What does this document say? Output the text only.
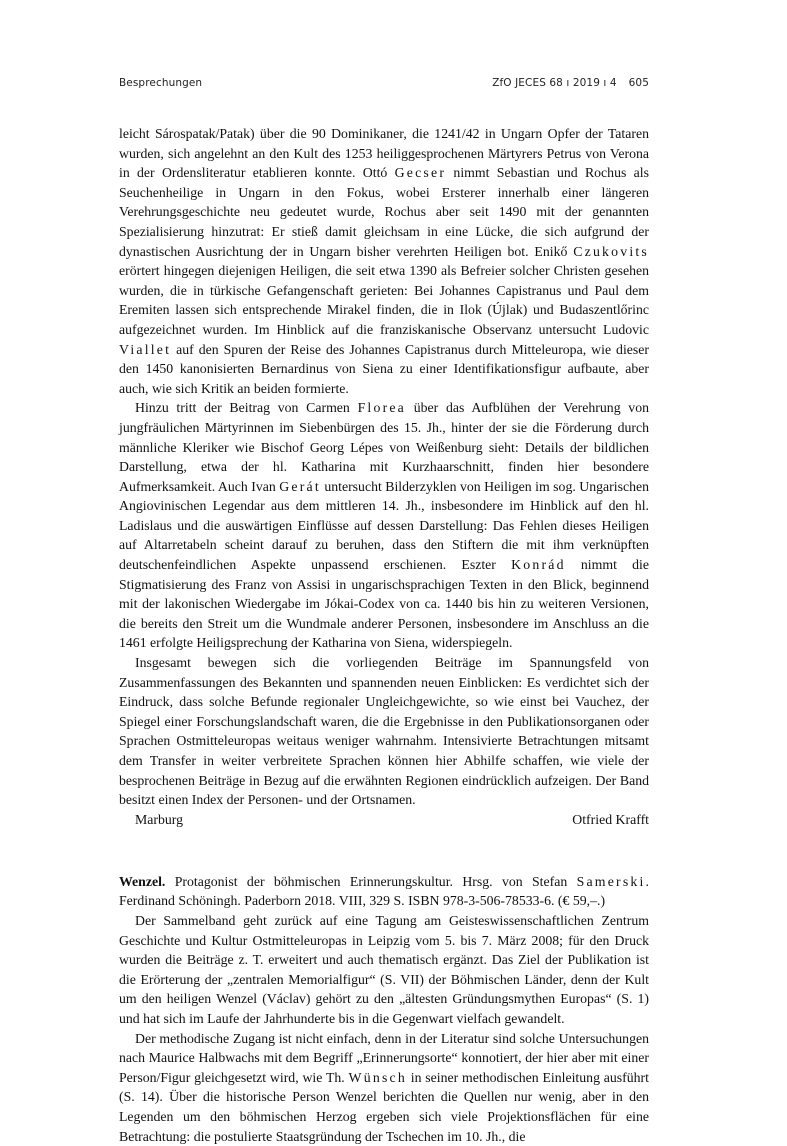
Besprechungen	ZfO JECES 68 ı 2019 ı 4 605

leicht Sárospatak/Patak) über die 90 Dominikaner, die 1241/42 in Ungarn Opfer der Tataren wurden, sich angelehnt an den Kult des 1253 heiliggesprochenen Märtyrers Petrus von Verona in der Ordensliteratur etablieren konnte. Ottó Gecser nimmt Sebastian und Rochus als Seuchenheilige in Ungarn in den Fokus, wobei Ersterer innerhalb einer längeren Verehrungsgeschichte neu gedeutet wurde, Rochus aber seit 1490 mit der genannten Spezialisierung hinzutrat: Er stieß damit gleichsam in eine Lücke, die sich aufgrund der dynastischen Ausrichtung der in Ungarn bisher verehrten Heiligen bot. Enikő Czukovits erörtert hingegen diejenigen Heiligen, die seit etwa 1390 als Befreier solcher Christen gesehen wurden, die in türkische Gefangenschaft gerieten: Bei Johannes Capistranus und Paul dem Eremiten lassen sich entsprechende Mirakel finden, die in Ilok (Újlak) und Budaszentlőrinc aufgezeichnet wurden. Im Hinblick auf die franziskanische Observanz untersucht Ludovic Viallet auf den Spuren der Reise des Johannes Capistranus durch Mitteleuropa, wie dieser den 1450 kanonisierten Bernardinus von Siena zu einer Identifikationsfigur aufbaute, aber auch, wie sich Kritik an beiden formierte.

Hinzu tritt der Beitrag von Carmen Florea über das Aufblühen der Verehrung von jungfräulichen Märtyrinnen im Siebenbürgen des 15. Jh., hinter der sie die Förderung durch männliche Kleriker wie Bischof Georg Lépes von Weißenburg sieht: Details der bildlichen Darstellung, etwa der hl. Katharina mit Kurzhaarschnitt, finden hier besondere Aufmerksamkeit. Auch Ivan Gerát untersucht Bilderzyklen von Heiligen im sog. Ungarischen Angiovinischen Legendar aus dem mittleren 14. Jh., insbesondere im Hinblick auf den hl. Ladislaus und die auswärtigen Einflüsse auf dessen Darstellung: Das Fehlen dieses Heiligen auf Altarretabeln scheint darauf zu beruhen, dass den Stiftern die mit ihm verknüpften deutschenfeindlichen Aspekte unpassend erschienen. Eszter Konrád nimmt die Stigmatisierung des Franz von Assisi in ungarischsprachigen Texten in den Blick, beginnend mit der lakonischen Wiedergabe im Jókai-Codex von ca. 1440 bis hin zu weiteren Versionen, die bereits den Streit um die Wundmale anderer Personen, insbesondere im Anschluss an die 1461 erfolgte Heiligsprechung der Katharina von Siena, widerspiegeln.

Insgesamt bewegen sich die vorliegenden Beiträge im Spannungsfeld von Zusammenfassungen des Bekannten und spannenden neuen Einblicken: Es verdichtet sich der Eindruck, dass solche Befunde regionaler Ungleichgewichte, so wie einst bei Vauchez, der Spiegel einer Forschungslandschaft waren, die die Ergebnisse in den Publikationsorganen oder Sprachen Ostmitteleuropas weitaus weniger wahrnahm. Intensivierte Betrachtungen mitsamt dem Transfer in weiter verbreitete Sprachen können hier Abhilfe schaffen, wie viele der besprochenen Beiträge in Bezug auf die erwähnten Regionen eindrücklich aufzeigen. Der Band besitzt einen Index der Personen- und der Ortsnamen.

Marburg	Otfried Krafft

Wenzel. Protagonist der böhmischen Erinnerungskultur. Hrsg. von Stefan Samerski. Ferdinand Schöningh. Paderborn 2018. VIII, 329 S. ISBN 978-3-506-78533-6. (€ 59,–.)

Der Sammelband geht zurück auf eine Tagung am Geisteswissenschaftlichen Zentrum Geschichte und Kultur Ostmitteleuropas in Leipzig vom 5. bis 7. März 2008; für den Druck wurden die Beiträge z. T. erweitert und auch thematisch ergänzt. Das Ziel der Publikation ist die Erörterung der „zentralen Memorialfigur“ (S. VII) der Böhmischen Länder, denn der Kult um den heiligen Wenzel (Václav) gehört zu den „ältesten Gründungsmythen Europas“ (S. 1) und hat sich im Laufe der Jahrhunderte bis in die Gegenwart vielfach gewandelt.

Der methodische Zugang ist nicht einfach, denn in der Literatur sind solche Untersuchungen nach Maurice Halbwachs mit dem Begriff „Erinnerungsorte“ konnotiert, der hier aber mit einer Person/Figur gleichgesetzt wird, wie Th. Wünsch in seiner methodischen Einleitung ausführt (S. 14). Über die historische Person Wenzel berichten die Quellen nur wenig, aber in den Legenden um den böhmischen Herzog ergeben sich viele Projektionsflächen für eine Betrachtung: die postulierte Staatsgründung der Tschechen im 10. Jh., die
